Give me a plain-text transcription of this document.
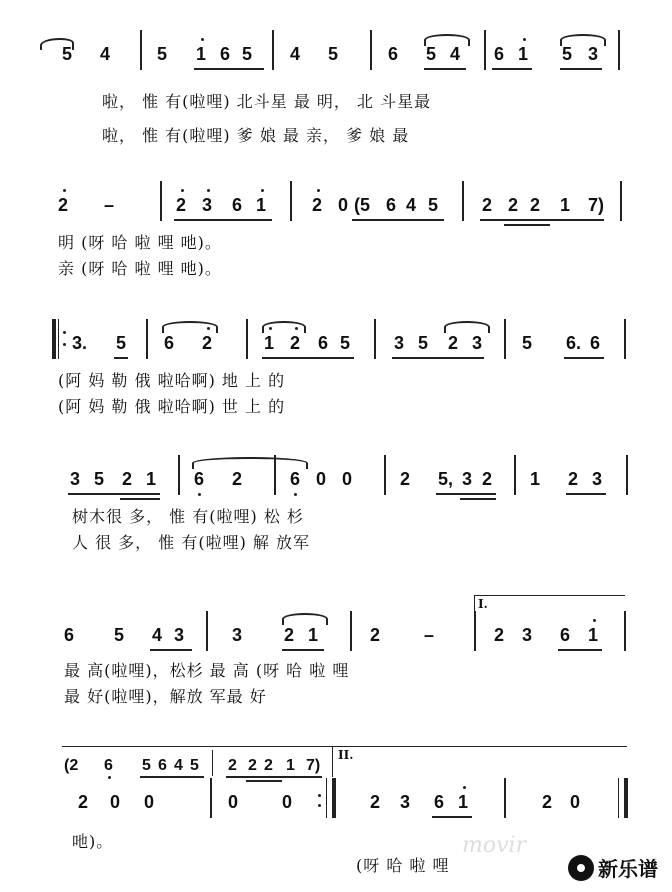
5 4	5 1 6 5 4 5	6 5 4 6 1 5 3
啦， 惟 有(啦哩) 北斗星 最 明， 北 斗星最
啦， 惟 有(啦哩) 爹 娘 最 亲， 爹 娘 最
2 –	2 3 6 1	2 0 (5 6 4 5 2 2 2 1 7)
明 (呀 哈 啦 哩 吔)。
亲 (呀 哈 啦 哩 吔)。
3. 5 6 2	1 2 6 5 3 5 2 3 5 6. 6
(阿 妈 勒 俄 啦哈啊) 地 上 的
(阿 妈 勒 俄 啦哈啊) 世 上 的
3 5 2 1 6 2	6 0 0	2 5, 3 2 1 2 3
树木很 多， 惟 有(啦哩) 松 杉
人 很 多， 惟 有(啦哩) 解 放军
I.
6 5 4 3	3 2 1	2 –	2 3 6 1
最 高(啦哩)，松杉 最 高 (呀 哈 啦 哩
最 好(啦哩)，解放 军最 好
II.
(2 6 5 6 4 5 2 2 2 1 7)
2 0 0	0 0	2 3 6 1	2 0
吔)。
(呀 哈 啦 哩
movir
新乐谱
